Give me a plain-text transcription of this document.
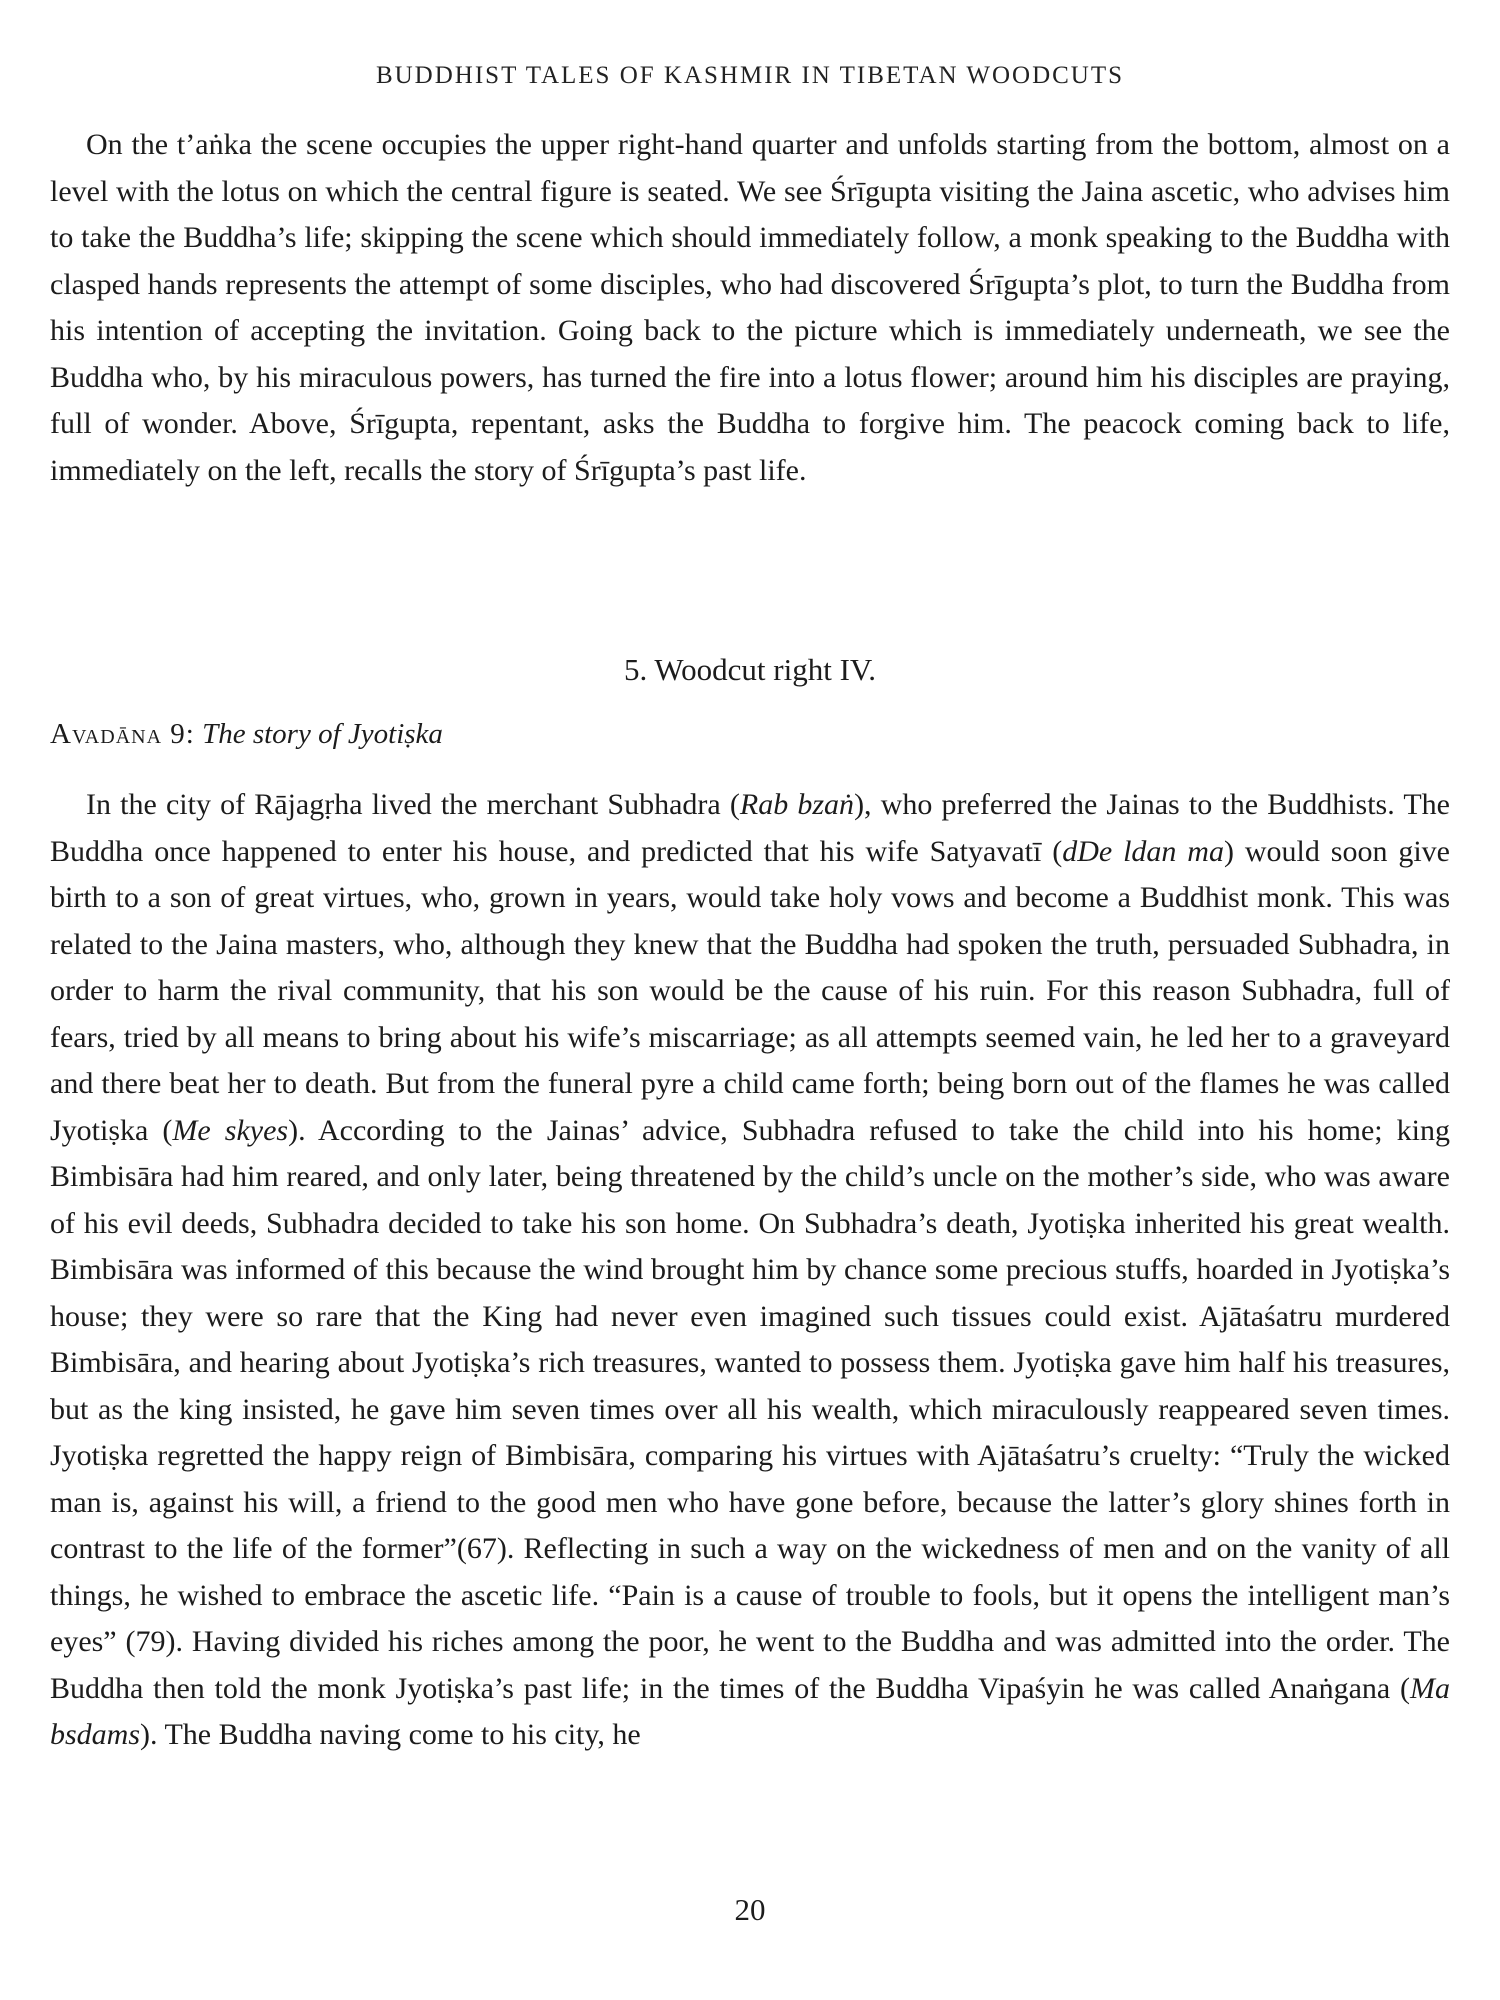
BUDDHIST TALES OF KASHMIR IN TIBETAN WOODCUTS

On the t’aṅka the scene occupies the upper right-hand quarter and unfolds starting from the bottom, almost on a level with the lotus on which the central figure is seated. We see Śrīgupta visiting the Jaina ascetic, who advises him to take the Buddha’s life; skipping the scene which should immediately follow, a monk speaking to the Buddha with clasped hands represents the attempt of some disciples, who had discovered Śrīgupta’s plot, to turn the Buddha from his intention of accepting the invitation. Going back to the picture which is immediately underneath, we see the Buddha who, by his miraculous powers, has turned the fire into a lotus flower; around him his disciples are praying, full of wonder. Above, Śrīgupta, repentant, asks the Buddha to forgive him. The peacock coming back to life, immediately on the left, recalls the story of Śrīgupta’s past life.

5. Woodcut right IV.
Avadāna 9: The story of Jyotiṣka

In the city of Rājagṛha lived the merchant Subhadra (Rab bzaṅ), who preferred the Jainas to the Buddhists. The Buddha once happened to enter his house, and predicted that his wife Satyavatī (dDe ldan ma) would soon give birth to a son of great virtues, who, grown in years, would take holy vows and become a Buddhist monk. This was related to the Jaina masters, who, although they knew that the Buddha had spoken the truth, persuaded Subhadra, in order to harm the rival community, that his son would be the cause of his ruin. For this reason Subhadra, full of fears, tried by all means to bring about his wife’s miscarriage; as all attempts seemed vain, he led her to a graveyard and there beat her to death. But from the funeral pyre a child came forth; being born out of the flames he was called Jyotiṣka (Me skyes). According to the Jainas’ advice, Subhadra refused to take the child into his home; king Bimbisāra had him reared, and only later, being threatened by the child’s uncle on the mother’s side, who was aware of his evil deeds, Subhadra decided to take his son home. On Subhadra’s death, Jyotiṣka inherited his great wealth. Bimbisāra was informed of this because the wind brought him by chance some precious stuffs, hoarded in Jyotiṣka’s house; they were so rare that the King had never even imagined such tissues could exist. Ajātaśatru murdered Bimbisāra, and hearing about Jyotiṣka’s rich treasures, wanted to possess them. Jyotiṣka gave him half his treasures, but as the king insisted, he gave him seven times over all his wealth, which miraculously reappeared seven times. Jyotiṣka regretted the happy reign of Bimbisāra, comparing his virtues with Ajātaśatru’s cruelty: “Truly the wicked man is, against his will, a friend to the good men who have gone before, because the latter’s glory shines forth in contrast to the life of the former”(67). Reflecting in such a way on the wickedness of men and on the vanity of all things, he wished to embrace the ascetic life. “Pain is a cause of trouble to fools, but it opens the intelligent man’s eyes” (79). Having divided his riches among the poor, he went to the Buddha and was admitted into the order. The Buddha then told the monk Jyotiṣka’s past life; in the times of the Buddha Vipaśyin he was called Anaṅgana (Ma bsdams). The Buddha naving come to his city, he

20
